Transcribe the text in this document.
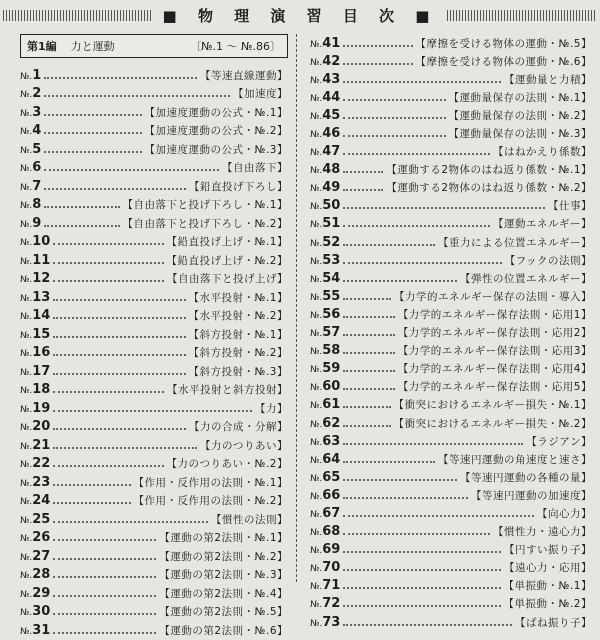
■ 物 理 演 習 目 次 ■
第1編 力と運動	〔№.1 〜 №.86〕
№.1	【等速直線運動】
№.2	【加速度】
№.3	【加速度運動の公式・№.1】
№.4	【加速度運動の公式・№.2】
№.5	【加速度運動の公式・№.3】
№.6	【自由落下】
№.7	【鉛直投げ下ろし】
№.8	【自由落下と投げ下ろし・№.1】
№.9	【自由落下と投げ下ろし・№.2】
№.10	【鉛直投げ上げ・№.1】
№.11	【鉛直投げ上げ・№.2】
№.12	【自由落下と投げ上げ】
№.13	【水平投射・№.1】
№.14	【水平投射・№.2】
№.15	【斜方投射・№.1】
№.16	【斜方投射・№.2】
№.17	【斜方投射・№.3】
№.18	【水平投射と斜方投射】
№.19	【力】
№.20	【力の合成・分解】
№.21	【力のつりあい】
№.22	【力のつりあい・№.2】
№.23	【作用・反作用の法則・№.1】
№.24	【作用・反作用の法則・№.2】
№.25	【慣性の法則】
№.26	【運動の第2法則・№.1】
№.27	【運動の第2法則・№.2】
№.28	【運動の第2法則・№.3】
№.29	【運動の第2法則・№.4】
№.30	【運動の第2法則・№.5】
№.31	【運動の第2法則・№.6】
№.41	【摩擦を受ける物体の運動・№.5】
№.42	【摩擦を受ける物体の運動・№.6】
№.43	【運動量と力積】
№.44	【運動量保存の法則・№.1】
№.45	【運動量保存の法則・№.2】
№.46	【運動量保存の法則・№.3】
№.47	【はねかえり係数】
№.48	【運動する2物体のはね返り係数・№.1】
№.49	【運動する2物体のはね返り係数・№.2】
№.50	【仕事】
№.51	【運動エネルギー】
№.52	【重力による位置エネルギー】
№.53	【フックの法則】
№.54	【弾性の位置エネルギー】
№.55	【力学的エネルギー保存の法則・導入】
№.56	【力学的エネルギー保存法則・応用1】
№.57	【力学的エネルギー保存法則・応用2】
№.58	【力学的エネルギー保存法則・応用3】
№.59	【力学的エネルギー保存法則・応用4】
№.60	【力学的エネルギー保存法則・応用5】
№.61	【衝突におけるエネルギー損失・№.1】
№.62	【衝突におけるエネルギー損失・№.2】
№.63	【ラジアン】
№.64	【等速円運動の角速度と速さ】
№.65	【等速円運動の各種の量】
№.66	【等速円運動の加速度】
№.67	【向心力】
№.68	【慣性力・遠心力】
№.69	【円すい振り子】
№.70	【遠心力・応用】
№.71	【単振動・№.1】
№.72	【単振動・№.2】
№.73	【ばね振り子】
